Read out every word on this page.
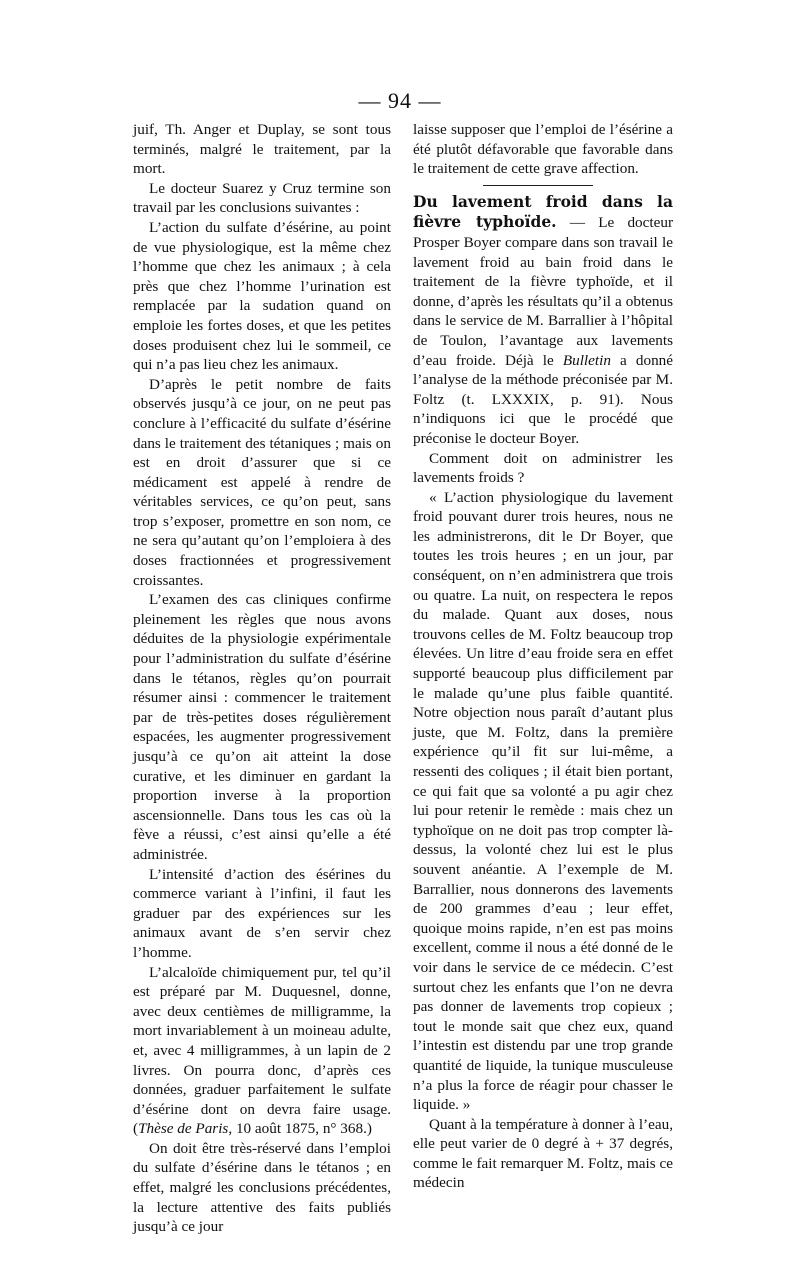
— 94 —

juif, Th. Anger et Duplay, se sont tous terminés, malgré le traitement, par la mort.

Le docteur Suarez y Cruz termine son travail par les conclusions suivantes :

L’action du sulfate d’ésérine, au point de vue physiologique, est la même chez l’homme que chez les animaux ; à cela près que chez l’homme l’urination est remplacée par la sudation quand on emploie les fortes doses, et que les petites doses produisent chez lui le sommeil, ce qui n’a pas lieu chez les animaux.

D’après le petit nombre de faits observés jusqu’à ce jour, on ne peut pas conclure à l’efficacité du sulfate d’ésérine dans le traitement des tétaniques ; mais on est en droit d’assurer que si ce médicament est appelé à rendre de véritables services, ce qu’on peut, sans trop s’exposer, promettre en son nom, ce ne sera qu’autant qu’on l’emploiera à des doses fractionnées et progressivement croissantes.

L’examen des cas cliniques confirme pleinement les règles que nous avons déduites de la physiologie expérimentale pour l’administration du sulfate d’ésérine dans le tétanos, règles qu’on pourrait résumer ainsi : commencer le traitement par de très-petites doses régulièrement espacées, les augmenter progressivement jusqu’à ce qu’on ait atteint la dose curative, et les diminuer en gardant la proportion inverse à la proportion ascensionnelle. Dans tous les cas où la fève a réussi, c’est ainsi qu’elle a été administrée.

L’intensité d’action des ésérines du commerce variant à l’infini, il faut les graduer par des expériences sur les animaux avant de s’en servir chez l’homme.

L’alcaloïde chimiquement pur, tel qu’il est préparé par M. Duquesnel, donne, avec deux centièmes de milligramme, la mort invariablement à un moineau adulte, et, avec 4 milligrammes, à un lapin de 2 livres. On pourra donc, d’après ces données, graduer parfaitement le sulfate d’ésérine dont on devra faire usage. (Thèse de Paris, 10 août 1875, n° 368.)

On doit être très-réservé dans l’emploi du sulfate d’ésérine dans le tétanos ; en effet, malgré les conclusions précédentes, la lecture attentive des faits publiés jusqu’à ce jour

laisse supposer que l’emploi de l’ésérine a été plutôt défavorable que favorable dans le traitement de cette grave affection.

Du lavement froid dans la fièvre typhoïde. — Le docteur Prosper Boyer compare dans son travail le lavement froid au bain froid dans le traitement de la fièvre typhoïde, et il donne, d’après les résultats qu’il a obtenus dans le service de M. Barrallier à l’hôpital de Toulon, l’avantage aux lavements d’eau froide. Déjà le Bulletin a donné l’analyse de la méthode préconisée par M. Foltz (t. LXXXIX, p. 91). Nous n’indiquons ici que le procédé que préconise le docteur Boyer.

Comment doit on administrer les lavements froids ?

« L’action physiologique du lavement froid pouvant durer trois heures, nous ne les administrerons, dit le Dr Boyer, que toutes les trois heures ; en un jour, par conséquent, on n’en administrera que trois ou quatre. La nuit, on respectera le repos du malade. Quant aux doses, nous trouvons celles de M. Foltz beaucoup trop élevées. Un litre d’eau froide sera en effet supporté beaucoup plus difficilement par le malade qu’une plus faible quantité. Notre objection nous paraît d’autant plus juste, que M. Foltz, dans la première expérience qu’il fit sur lui-même, a ressenti des coliques ; il était bien portant, ce qui fait que sa volonté a pu agir chez lui pour retenir le remède : mais chez un typhoïque on ne doit pas trop compter là-dessus, la volonté chez lui est le plus souvent anéantie. A l’exemple de M. Barrallier, nous donnerons des lavements de 200 grammes d’eau ; leur effet, quoique moins rapide, n’en est pas moins excellent, comme il nous a été donné de le voir dans le service de ce médecin. C’est surtout chez les enfants que l’on ne devra pas donner de lavements trop copieux ; tout le monde sait que chez eux, quand l’intestin est distendu par une trop grande quantité de liquide, la tunique musculeuse n’a plus la force de réagir pour chasser le liquide. »

Quant à la température à donner à l’eau, elle peut varier de 0 degré à + 37 degrés, comme le fait remarquer M. Foltz, mais ce médecin
